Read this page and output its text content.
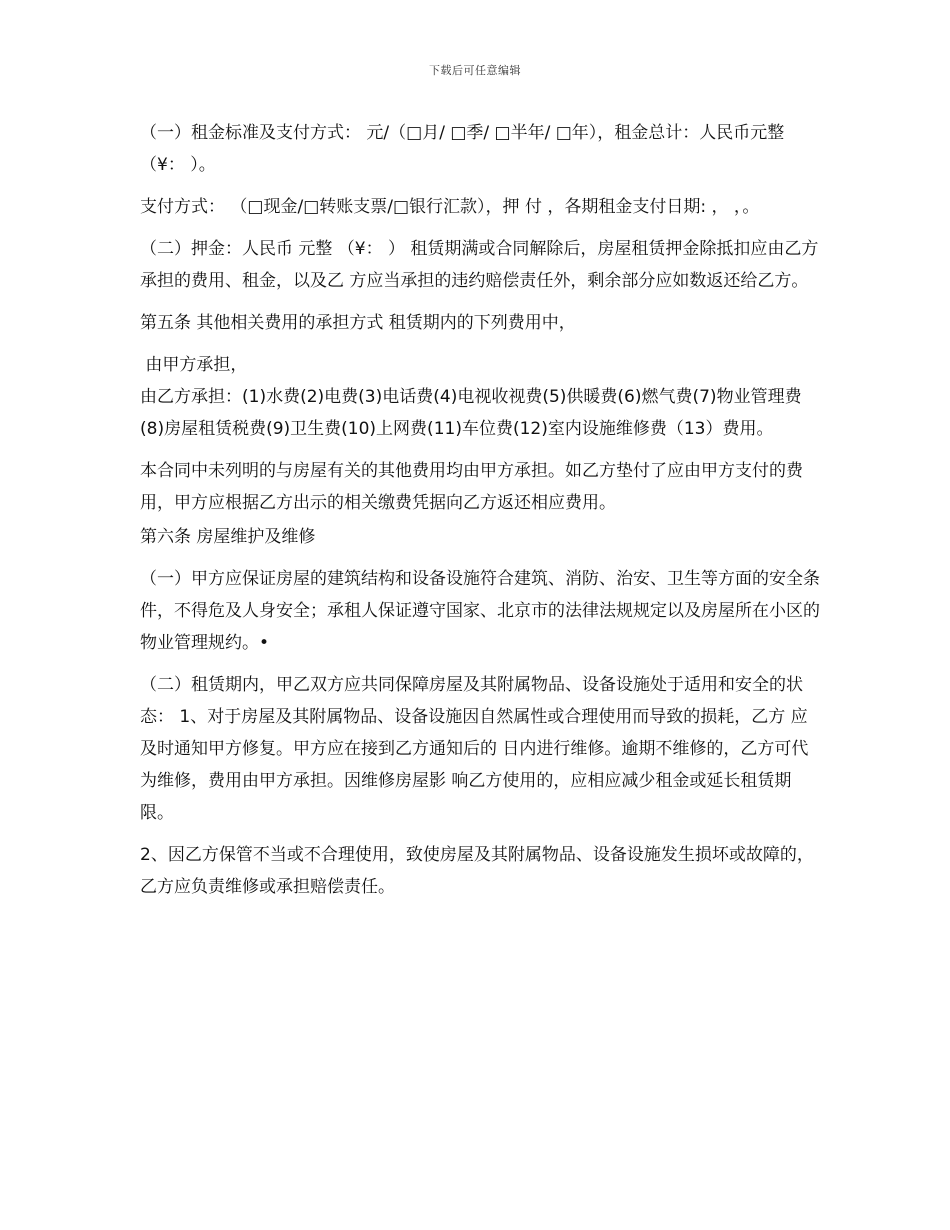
下载后可任意编辑

（一）租金标准及支付方式： 元/（□月/ □季/ □半年/ □年），租金总计：人民币元整（¥： ）。

支付方式： （□现金/□转账支票/□银行汇款），押 付 ，各期租金支付日期: ， ，。

（二）押金：人民币 元整 （¥： ） 租赁期满或合同解除后，房屋租赁押金除抵扣应由乙方承担的费用、租金，以及乙 方应当承担的违约赔偿责任外，剩余部分应如数返还给乙方。

第五条 其他相关费用的承担方式 租赁期内的下列费用中，

由甲方承担，

由乙方承担：(1)水费(2)电费(3)电话费(4)电视收视费(5)供暖费(6)燃气费(7)物业管理费(8)房屋租赁税费(9)卫生费(10)上网费(11)车位费(12)室内设施维修费（13）费用。

本合同中未列明的与房屋有关的其他费用均由甲方承担。如乙方垫付了应由甲方支付的费用，甲方应根据乙方出示的相关缴费凭据向乙方返还相应费用。

第六条 房屋维护及维修

（一）甲方应保证房屋的建筑结构和设备设施符合建筑、消防、治安、卫生等方面的安全条件，不得危及人身安全；承租人保证遵守国家、北京市的法律法规规定以及房屋所在小区的物业管理规约。•

（二）租赁期内，甲乙双方应共同保障房屋及其附属物品、设备设施处于适用和安全的状态： 1、对于房屋及其附属物品、设备设施因自然属性或合理使用而导致的损耗，乙方 应及时通知甲方修复。甲方应在接到乙方通知后的 日内进行维修。逾期不维修的，乙方可代为维修，费用由甲方承担。因维修房屋影 响乙方使用的，应相应减少租金或延长租赁期限。

2、因乙方保管不当或不合理使用，致使房屋及其附属物品、设备设施发生损坏或故障的，乙方应负责维修或承担赔偿责任。
